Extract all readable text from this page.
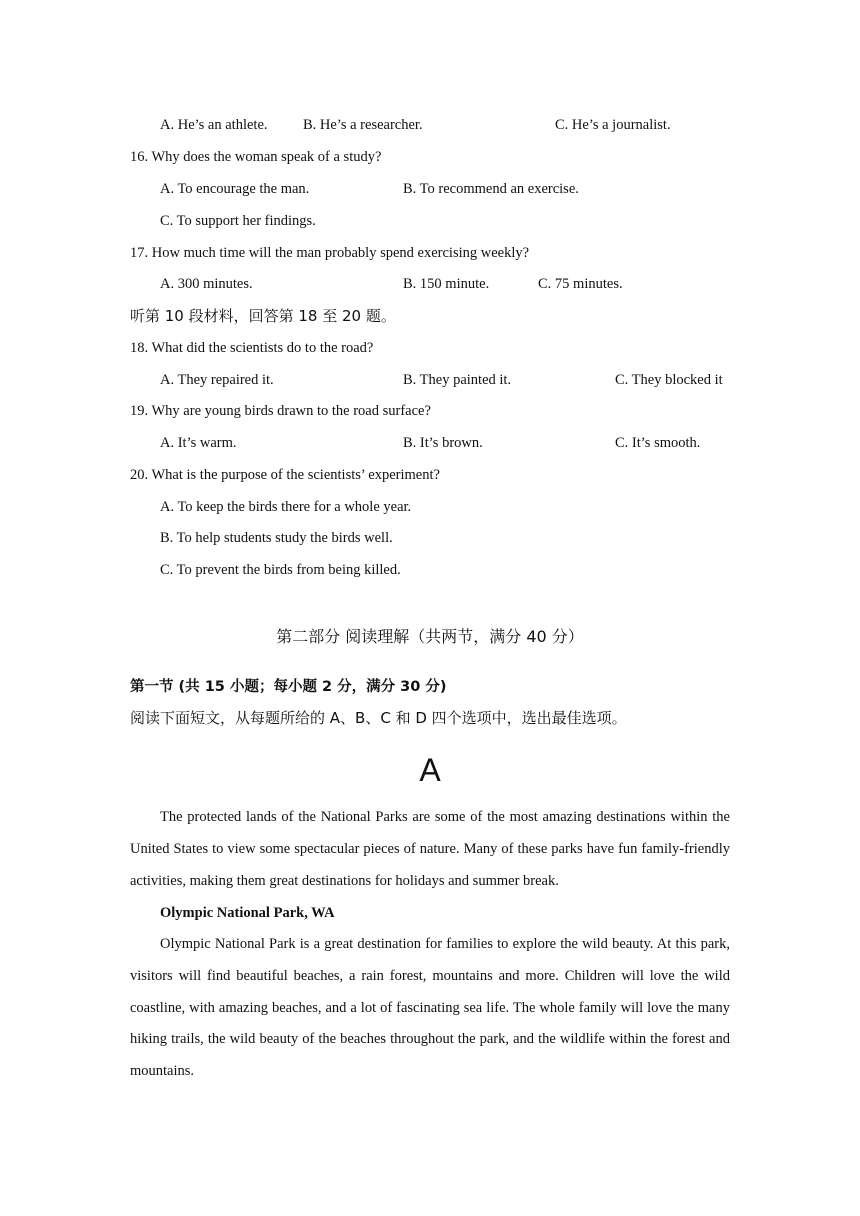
A. He’s an athlete. B. He’s a researcher.	C. He’s a journalist.
16. Why does the woman speak of a study?
A. To encourage the man.	B. To recommend an exercise.
C. To support her findings.
17. How much time will the man probably spend exercising weekly?
A. 300 minutes.	B. 150 minute.	C. 75 minutes.
听第 10 段材料，回答第 18 至 20 题。
18. What did the scientists do to the road?
A. They repaired it.	B. They painted it.	C. They blocked it
19. Why are young birds drawn to the road surface?
A. It’s warm.	B. It’s brown.	C. It’s smooth.
20. What is the purpose of the scientists’ experiment?
A. To keep the birds there for a whole year.
B. To help students study the birds well.
C. To prevent the birds from being killed.
第二部分 阅读理解（共两节，满分 40 分）
第一节 (共 15 小题；每小题 2 分，满分 30 分)
阅读下面短文，从每题所给的 A、B、C 和 D 四个选项中，选出最佳选项。
A
The protected lands of the National Parks are some of the most amazing destinations within the United States to view some spectacular pieces of nature. Many of these parks have fun family-friendly activities, making them great destinations for holidays and summer break.
Olympic National Park, WA
Olympic National Park is a great destination for families to explore the wild beauty. At this park, visitors will find beautiful beaches, a rain forest, mountains and more. Children will love the wild coastline, with amazing beaches, and a lot of fascinating sea life. The whole family will love the many hiking trails, the wild beauty of the beaches throughout the park, and the wildlife within the forest and mountains.
